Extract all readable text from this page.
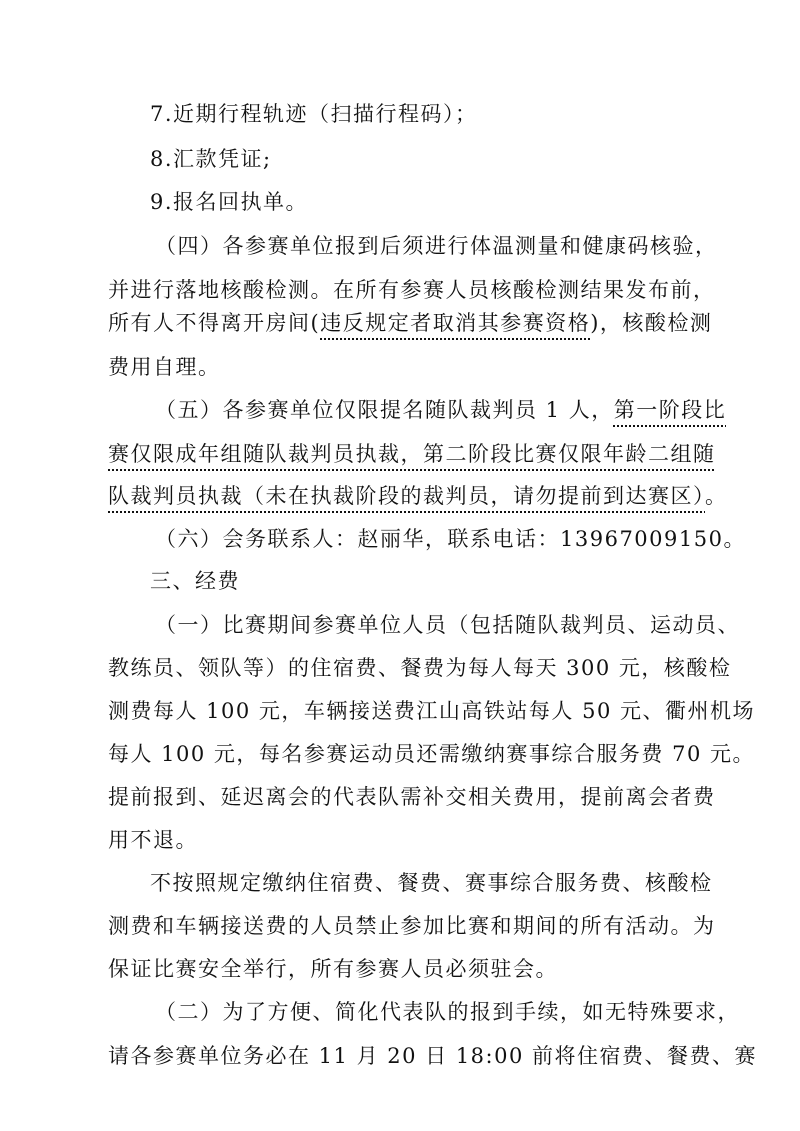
7.近期行程轨迹（扫描行程码）；
8.汇款凭证;
9.报名回执单。
（四）各参赛单位报到后须进行体温测量和健康码核验，
并进行落地核酸检测。在所有参赛人员核酸检测结果发布前，
所有人不得离开房间(违反规定者取消其参赛资格)，核酸检测
费用自理。
（五）各参赛单位仅限提名随队裁判员 1 人，第一阶段比
赛仅限成年组随队裁判员执裁，第二阶段比赛仅限年龄二组随
队裁判员执裁（未在执裁阶段的裁判员，请勿提前到达赛区）。
（六）会务联系人：赵丽华，联系电话：13967009150。
三、经费
（一）比赛期间参赛单位人员（包括随队裁判员、运动员、
教练员、领队等）的住宿费、餐费为每人每天 300 元，核酸检
测费每人 100 元，车辆接送费江山高铁站每人 50 元、衢州机场
每人 100 元，每名参赛运动员还需缴纳赛事综合服务费 70 元。
提前报到、延迟离会的代表队需补交相关费用，提前离会者费
用不退。
不按照规定缴纳住宿费、餐费、赛事综合服务费、核酸检
测费和车辆接送费的人员禁止参加比赛和期间的所有活动。为
保证比赛安全举行，所有参赛人员必须驻会。
（二）为了方便、简化代表队的报到手续，如无特殊要求，
请各参赛单位务必在 11 月 20 日 18:00 前将住宿费、餐费、赛
